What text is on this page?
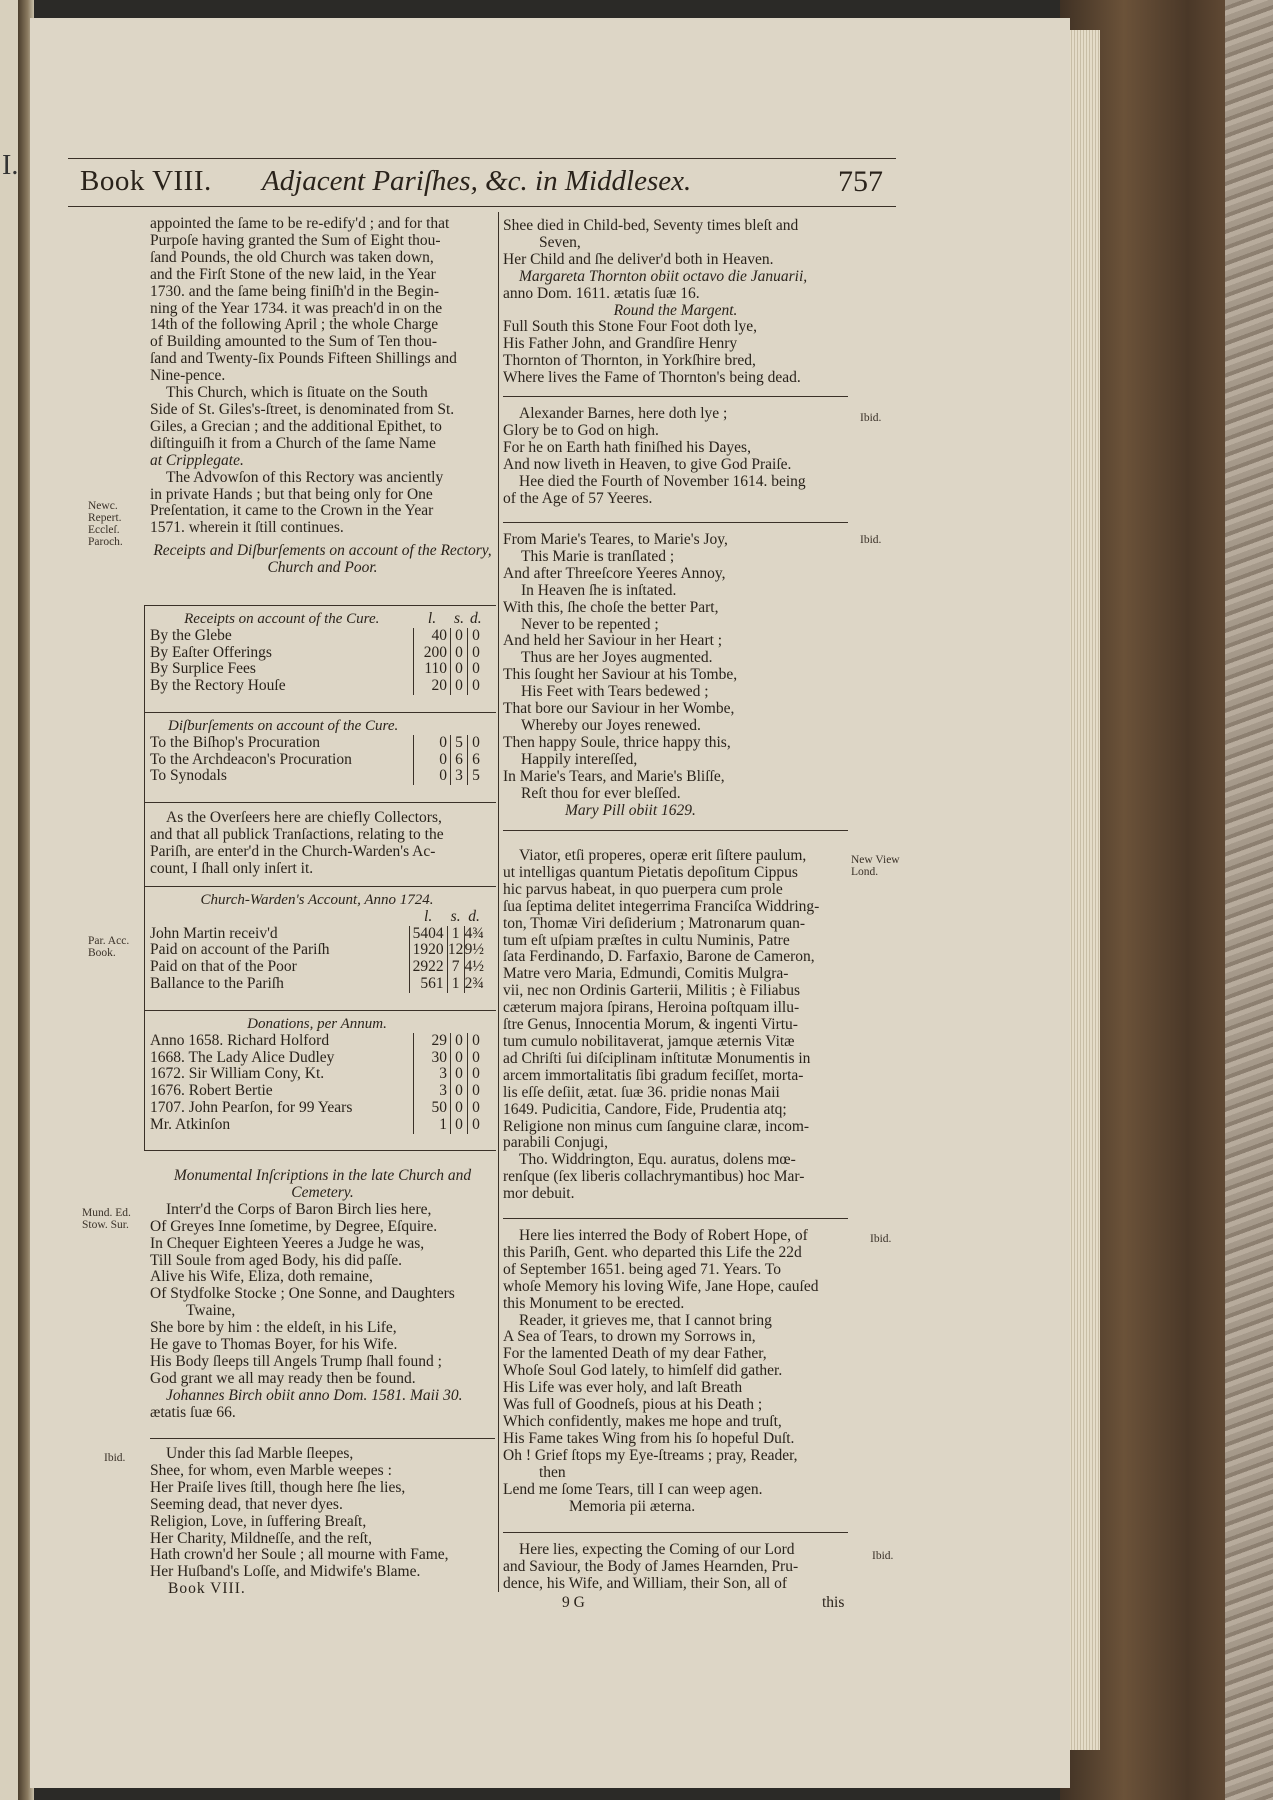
I. Book VIII. Adjacent Pariſhes, &c. in Middlesex.	757
Newc. Repert. Eccleſ. Paroch.
Par. Acc. Book.
Mund. Ed. Stow. Sur.
Ibid.
Ibid.
Ibid.
New View Lond.
Ibid.
Ibid.

appointed the ſame to be re-edify'd ; and for that

Purpoſe having granted the Sum of Eight thou-

ſand Pounds, the old Church was taken down,

and the Firſt Stone of the new laid, in the Year

1730. and the ſame being finiſh'd in the Begin-

ning of the Year 1734. it was preach'd in on the

14th of the following April ; the whole Charge

of Building amounted to the Sum of Ten thou-

ſand and Twenty-ſix Pounds Fifteen Shillings and

Nine-pence.

This Church, which is ſituate on the South

Side of St. Giles's-ſtreet, is denominated from St.

Giles, a Grecian ; and the additional Epithet, to

diſtinguiſh it from a Church of the ſame Name

at Cripplegate.

The Advowſon of this Rectory was anciently

in private Hands ; but that being only for One

Preſentation, it came to the Crown in the Year

1571. wherein it ſtill continues.

Receipts and Diſburſements on account of the Rectory,

Church and Poor.

Receipts on account of the Cure.	l.	s.	d.
By the Glebe	40	0	0
By Eaſter Offerings	200	0	0
By Surplice Fees	110	0	0
By the Rectory Houſe	20	0	0
Diſburſements on account of the Cure.			
To the Biſhop's Procuration	0	5	0
To the Archdeacon's Procuration	0	6	6
To Synodals	0	3	5

As the Overſeers here are chiefly Collectors,

and that all publick Tranſactions, relating to the

Pariſh, are enter'd in the Church-Warden's Ac-

count, I ſhall only inſert it.

Church-Warden's Account, Anno 1724.			
	l.	s.	d.
John Martin receiv'd	5404	1	4¾
Paid on account of the Pariſh	1920	12	9½
Paid on that of the Poor	2922	7	4½
Ballance to the Pariſh	561	1	2¾
Donations, per Annum.			
Anno 1658. Richard Holford	29	0	0
1668. The Lady Alice Dudley	30	0	0
1672. Sir William Cony, Kt.	3	0	0
1676. Robert Bertie	3	0	0
1707. John Pearſon, for 99 Years	50	0	0
Mr. Atkinſon	1	0	0

Monumental Inſcriptions in the late Church and

Cemetery.

Interr'd the Corps of Baron Birch lies here,

Of Greyes Inne ſometime, by Degree, Eſquire.

In Chequer Eighteen Yeeres a Judge he was,

Till Soule from aged Body, his did paſſe.

Alive his Wife, Eliza, doth remaine,

Of Stydfolke Stocke ; One Sonne, and Daughters

Twaine,

She bore by him : the eldeſt, in his Life,

He gave to Thomas Boyer, for his Wife.

His Body ſleeps till Angels Trump ſhall found ;

God grant we all may ready then be found.

Johannes Birch obiit anno Dom. 1581. Maii 30.

ætatis ſuæ 66.

Under this ſad Marble ſleepes,

Shee, for whom, even Marble weepes :

Her Praiſe lives ſtill, though here ſhe lies,

Seeming dead, that never dyes.

Religion, Love, in ſuffering Breaſt,

Her Charity, Mildneſſe, and the reſt,

Hath crown'd her Soule ; all mourne with Fame,

Her Huſband's Loſſe, and Midwife's Blame.

Book VIII.

Shee died in Child-bed, Seventy times bleſt and

Seven,

Her Child and ſhe deliver'd both in Heaven.

Margareta Thornton obiit octavo die Januarii,

anno Dom. 1611. ætatis ſuæ 16.

Round the Margent.

Full South this Stone Four Foot doth lye,

His Father John, and Grandſire Henry

Thornton of Thornton, in Yorkſhire bred,

Where lives the Fame of Thornton's being dead.

Alexander Barnes, here doth lye ;

Glory be to God on high.

For he on Earth hath finiſhed his Dayes,

And now liveth in Heaven, to give God Praiſe.

Hee died the Fourth of November 1614. being

of the Age of 57 Yeeres.

From Marie's Teares, to Marie's Joy,

This Marie is tranſlated ;

And after Threeſcore Yeeres Annoy,

In Heaven ſhe is inſtated.

With this, ſhe choſe the better Part,

Never to be repented ;

And held her Saviour in her Heart ;

Thus are her Joyes augmented.

This ſought her Saviour at his Tombe,

His Feet with Tears bedewed ;

That bore our Saviour in her Wombe,

Whereby our Joyes renewed.

Then happy Soule, thrice happy this,

Happily intereſſed,

In Marie's Tears, and Marie's Bliſſe,

Reſt thou for ever bleſſed.

Mary Pill obiit 1629.

Viator, etſi properes, operæ erit ſiſtere paulum,

ut intelligas quantum Pietatis depoſitum Cippus

hic parvus habeat, in quo puerpera cum prole

ſua ſeptima delitet integerrima Franciſca Widdring-

ton, Thomæ Viri deſiderium ; Matronarum quan-

tum eſt uſpiam præſtes in cultu Numinis, Patre

ſata Ferdinando, D. Farfaxio, Barone de Cameron,

Matre vero Maria, Edmundi, Comitis Mulgra-

vii, nec non Ordinis Garterii, Militis ; è Filiabus

cæterum majora ſpirans, Heroina poſtquam illu-

ſtre Genus, Innocentia Morum, & ingenti Virtu-

tum cumulo nobilitaverat, jamque æternis Vitæ

ad Chriſti ſui diſciplinam inſtitutæ Monumentis in

arcem immortalitatis ſibi gradum feciſſet, morta-

lis eſſe deſiit, ætat. ſuæ 36. pridie nonas Maii

1649. Pudicitia, Candore, Fide, Prudentia atq;

Religione non minus cum ſanguine claræ, incom-

parabili Conjugi,

Tho. Widdrington, Equ. auratus, dolens mœ-

renſque (ſex liberis collachrymantibus) hoc Mar-

mor debuit.

Here lies interred the Body of Robert Hope, of

this Pariſh, Gent. who departed this Life the 22d

of September 1651. being aged 71. Years. To

whoſe Memory his loving Wife, Jane Hope, cauſed

this Monument to be erected.

Reader, it grieves me, that I cannot bring

A Sea of Tears, to drown my Sorrows in,

For the lamented Death of my dear Father,

Whoſe Soul God lately, to himſelf did gather.

His Life was ever holy, and laſt Breath

Was full of Goodneſs, pious at his Death ;

Which confidently, makes me hope and truſt,

His Fame takes Wing from his ſo hopeful Duſt.

Oh ! Grief ſtops my Eye-ſtreams ; pray, Reader,

then

Lend me ſome Tears, till I can weep agen.

Memoria pii æterna.

Here lies, expecting the Coming of our Lord

and Saviour, the Body of James Hearnden, Pru-

dence, his Wife, and William, their Son, all of

9 G	this
